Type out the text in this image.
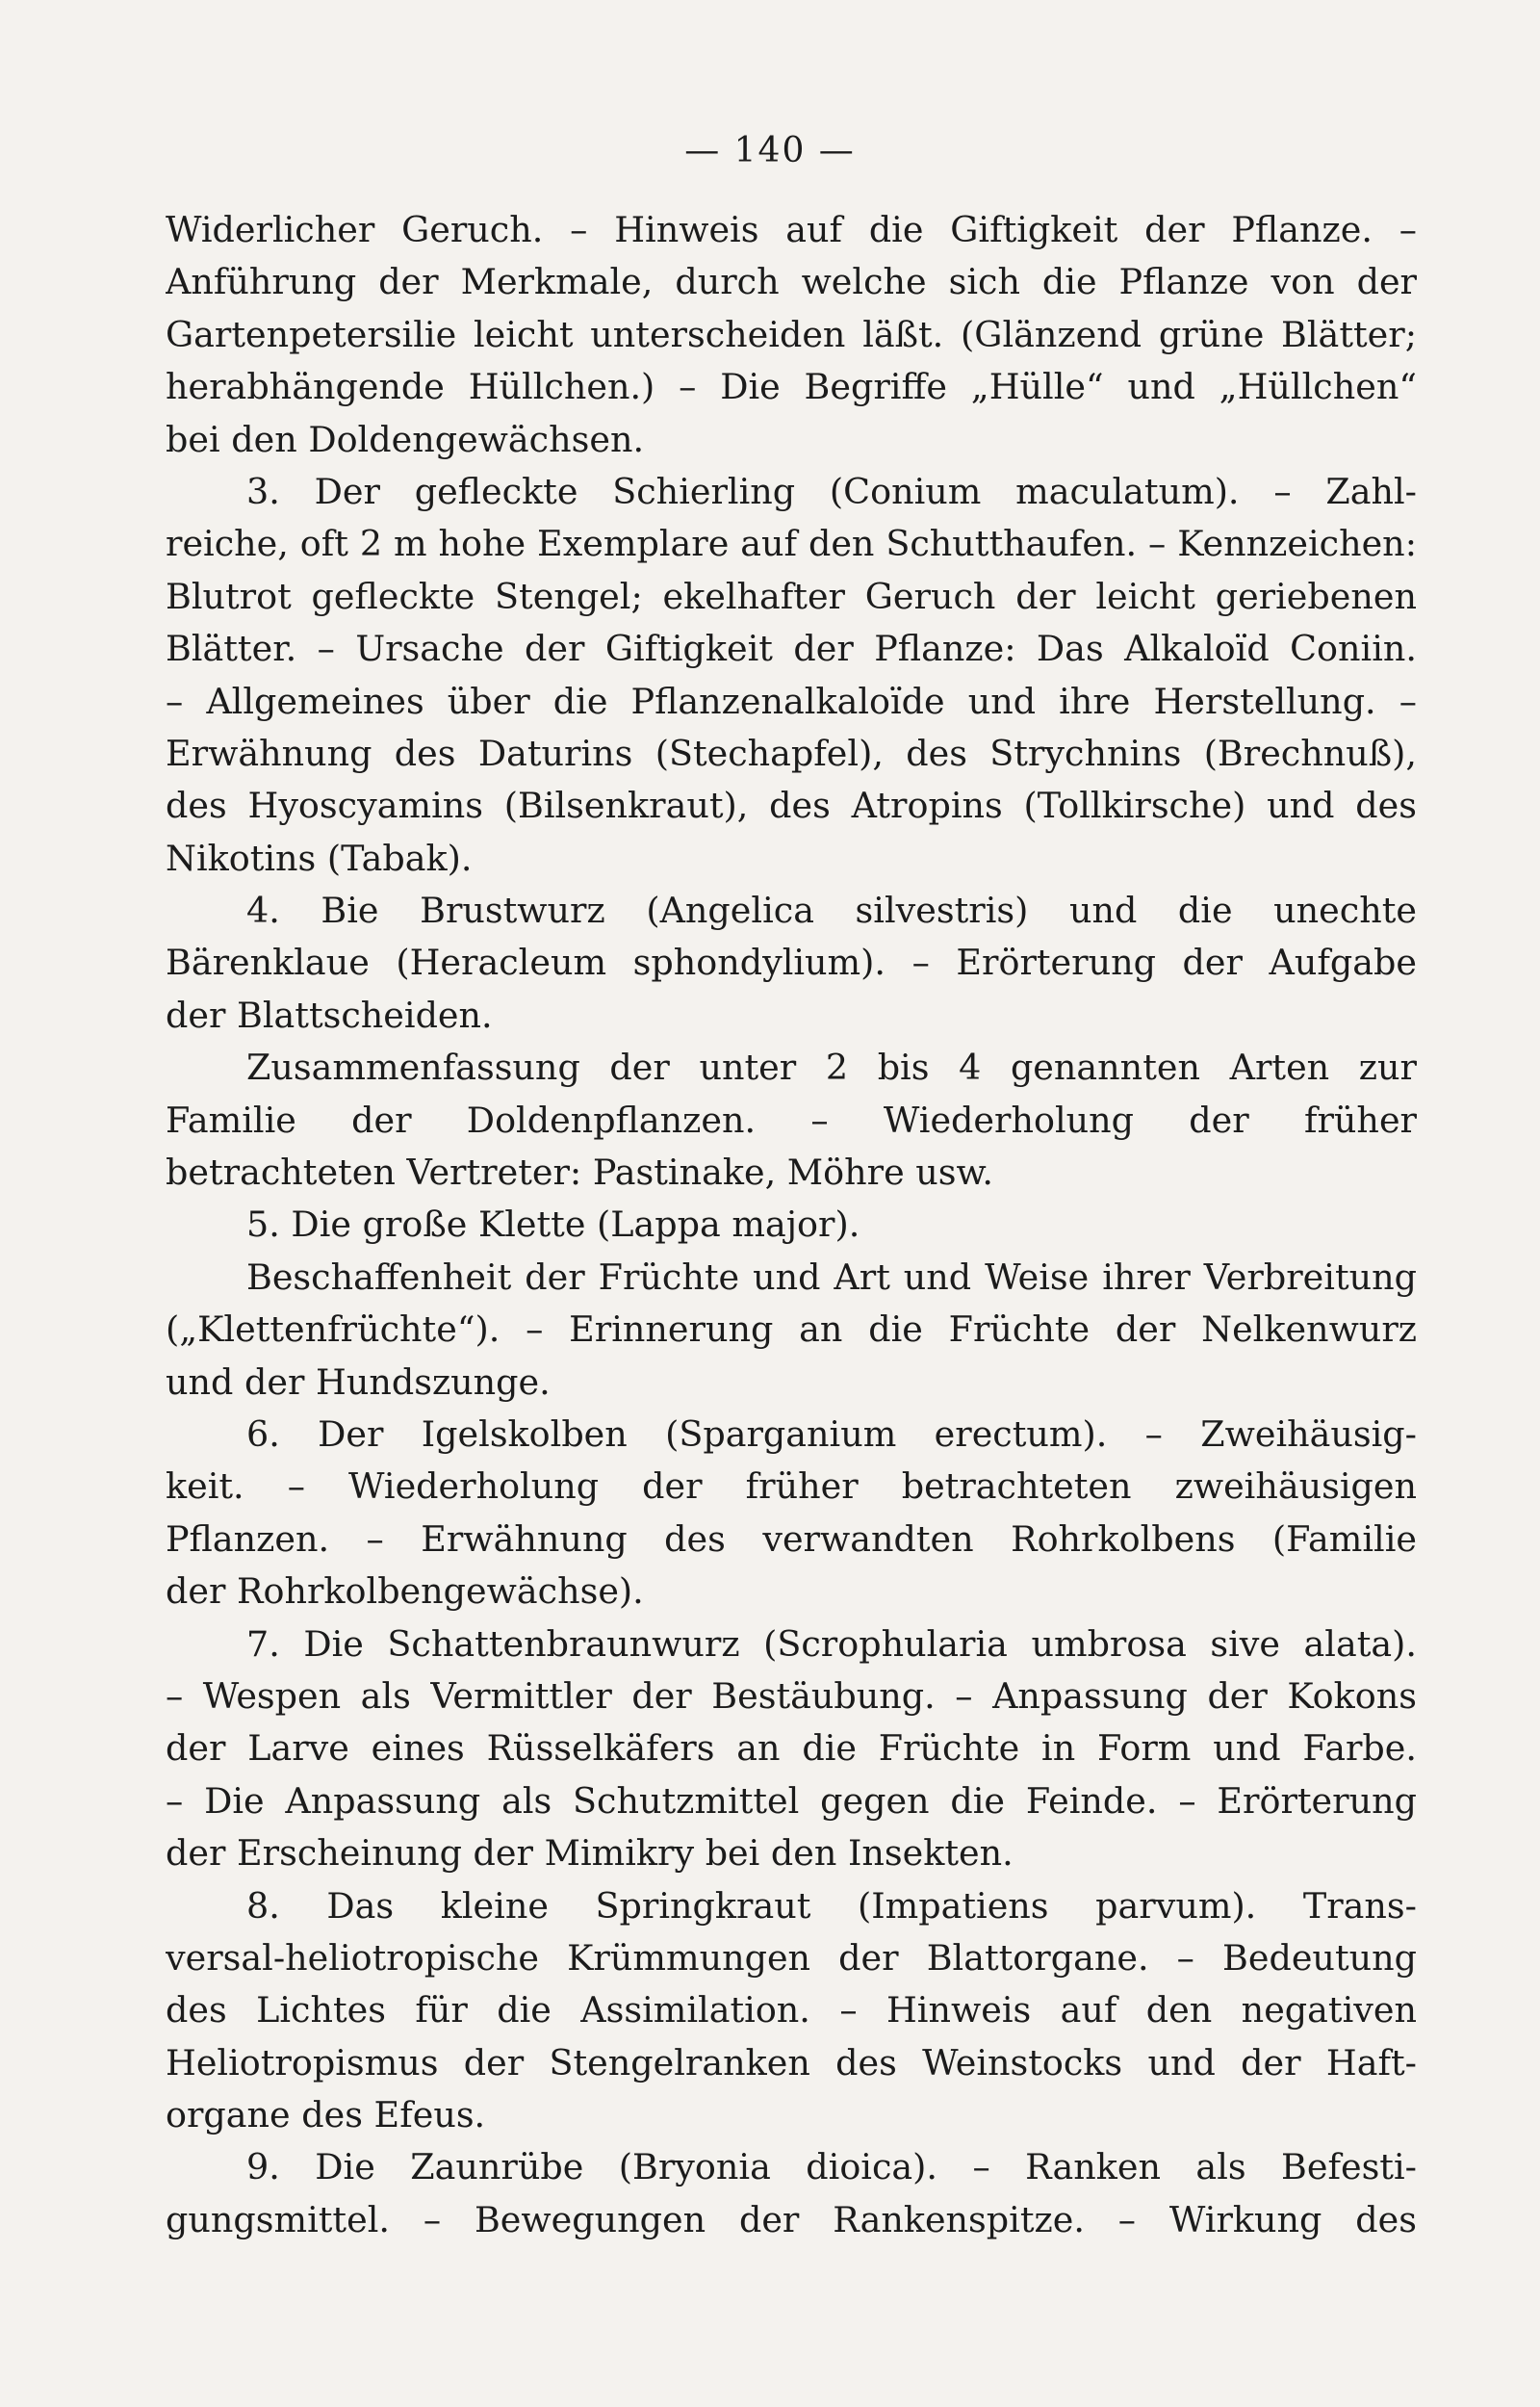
— 140 —
Widerlicher Geruch. – Hinweis auf die Giftigkeit der Pflanze. –
Anführung der Merkmale, durch welche sich die Pflanze von der
Gartenpetersilie leicht unterscheiden läßt. (Glänzend grüne Blätter;
herabhängende Hüllchen.) – Die Begriffe „Hülle“ und „Hüllchen“
bei den Doldengewächsen.
3. Der gefleckte Schierling (Conium maculatum). – Zahl-
reiche, oft 2 m hohe Exemplare auf den Schutthaufen. – Kennzeichen:
Blutrot gefleckte Stengel; ekelhafter Geruch der leicht geriebenen
Blätter. – Ursache der Giftigkeit der Pflanze: Das Alkaloïd Coniin.
– Allgemeines über die Pflanzenalkaloïde und ihre Herstellung. –
Erwähnung des Daturins (Stechapfel), des Strychnins (Brechnuß),
des Hyoscyamins (Bilsenkraut), des Atropins (Tollkirsche) und des
Nikotins (Tabak).
4. Bie Brustwurz (Angelica silvestris) und die unechte
Bärenklaue (Heracleum sphondylium). – Erörterung der Aufgabe
der Blattscheiden.
Zusammenfassung der unter 2 bis 4 genannten Arten zur
Familie der Doldenpflanzen. – Wiederholung der früher
betrachteten Vertreter: Pastinake, Möhre usw.
5. Die große Klette (Lappa major).
Beschaffenheit der Früchte und Art und Weise ihrer Verbreitung
(„Klettenfrüchte“). – Erinnerung an die Früchte der Nelkenwurz
und der Hundszunge.
6. Der Igelskolben (Sparganium erectum). – Zweihäusig-
keit. – Wiederholung der früher betrachteten zweihäusigen
Pflanzen. – Erwähnung des verwandten Rohrkolbens (Familie
der Rohrkolbengewächse).
7. Die Schattenbraunwurz (Scrophularia umbrosa sive alata).
– Wespen als Vermittler der Bestäubung. – Anpassung der Kokons
der Larve eines Rüsselkäfers an die Früchte in Form und Farbe.
– Die Anpassung als Schutzmittel gegen die Feinde. – Erörterung
der Erscheinung der Mimikry bei den Insekten.
8. Das kleine Springkraut (Impatiens parvum). Trans-
versal-heliotropische Krümmungen der Blattorgane. – Bedeutung
des Lichtes für die Assimilation. – Hinweis auf den negativen
Heliotropismus der Stengelranken des Weinstocks und der Haft-
organe des Efeus.
9. Die Zaunrübe (Bryonia dioica). – Ranken als Befesti-
gungsmittel. – Bewegungen der Rankenspitze. – Wirkung des
